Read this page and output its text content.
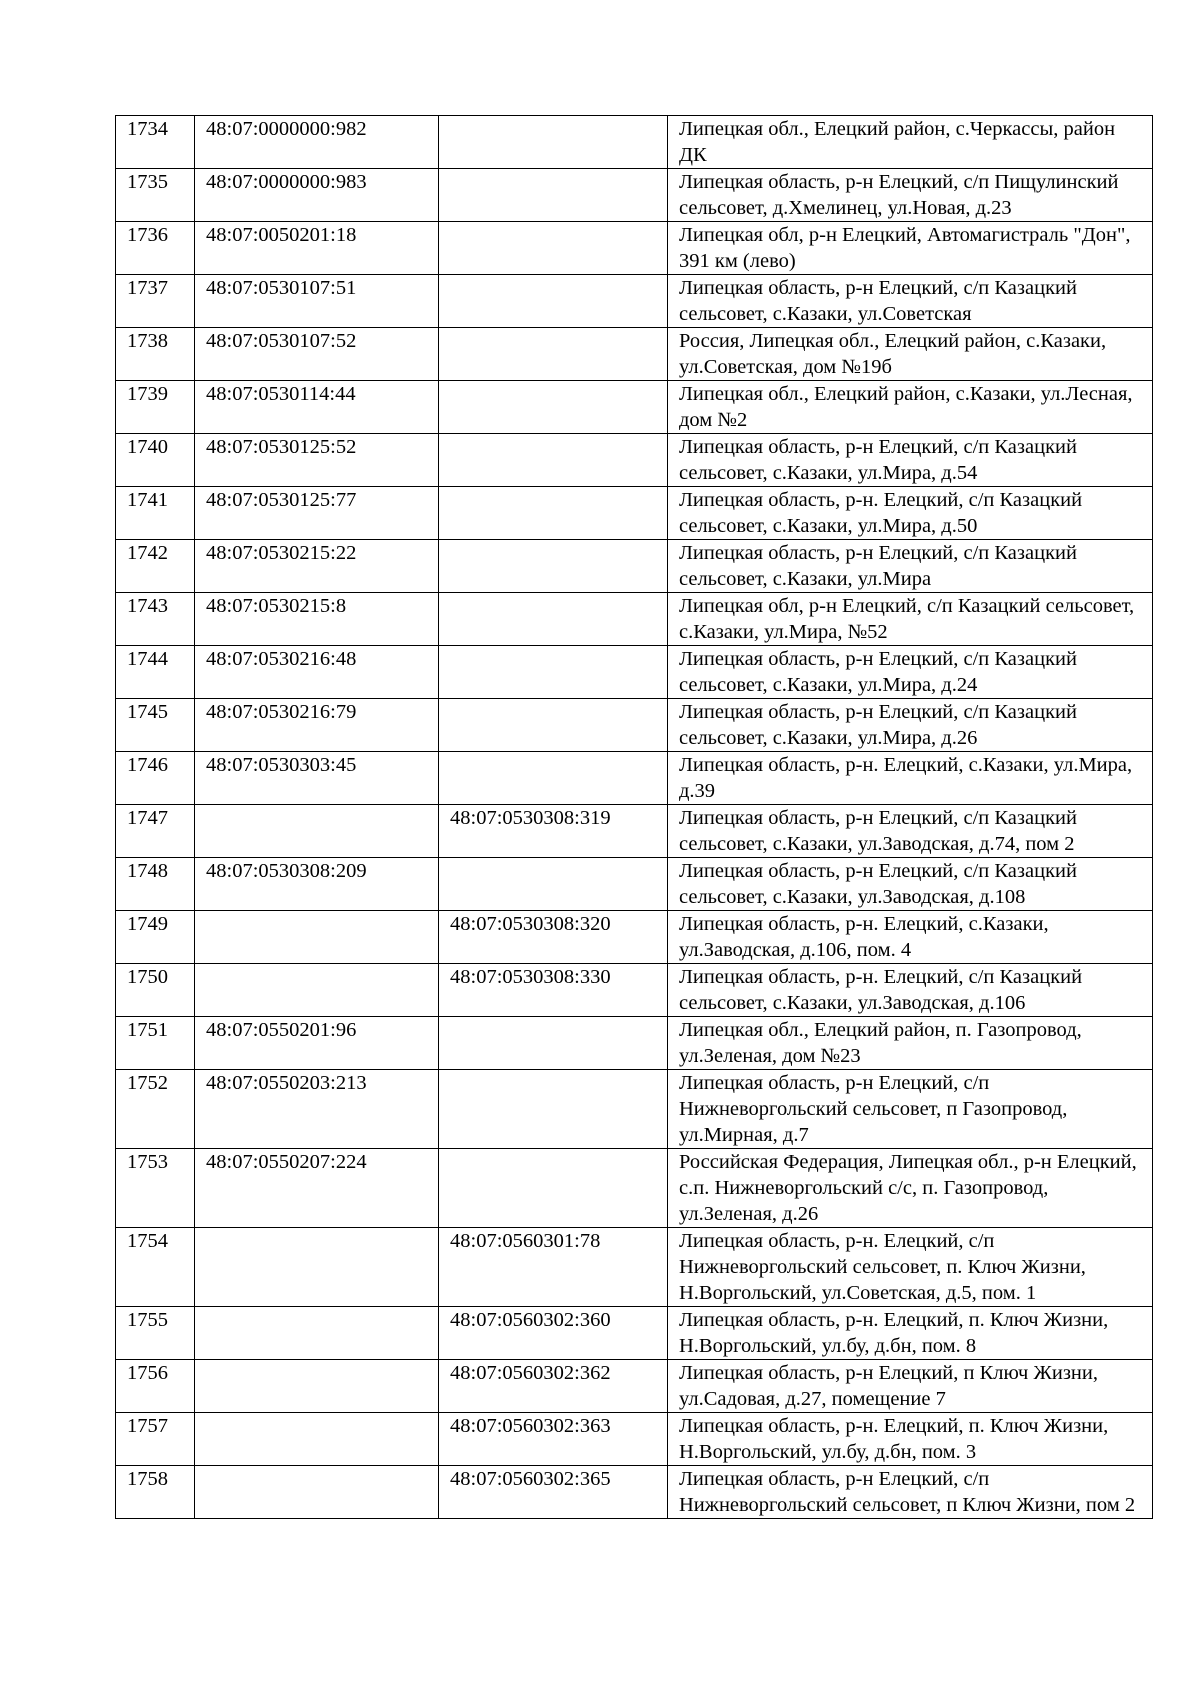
1734	48:07:0000000:982		Липецкая обл., Елецкий район, с.Черкассы, район ДК
1735	48:07:0000000:983		Липецкая область, р-н Елецкий, с/п Пищулинский сельсовет, д.Хмелинец, ул.Новая, д.23
1736	48:07:0050201:18		Липецкая обл, р-н Елецкий, Автомагистраль "Дон", 391 км (лево)
1737	48:07:0530107:51		Липецкая область, р-н Елецкий, с/п Казацкий сельсовет, с.Казаки, ул.Советская
1738	48:07:0530107:52		Россия, Липецкая обл., Елецкий район, с.Казаки, ул.Советская, дом №19б
1739	48:07:0530114:44		Липецкая обл., Елецкий район, с.Казаки, ул.Лесная, дом №2
1740	48:07:0530125:52		Липецкая область, р-н Елецкий, с/п Казацкий сельсовет, с.Казаки, ул.Мира, д.54
1741	48:07:0530125:77		Липецкая область, р-н. Елецкий, с/п Казацкий сельсовет, с.Казаки, ул.Мира, д.50
1742	48:07:0530215:22		Липецкая область, р-н Елецкий, с/п Казацкий сельсовет, с.Казаки, ул.Мира
1743	48:07:0530215:8		Липецкая обл, р-н Елецкий, с/п Казацкий сельсовет, с.Казаки, ул.Мира, №52
1744	48:07:0530216:48		Липецкая область, р-н Елецкий, с/п Казацкий сельсовет, с.Казаки, ул.Мира, д.24
1745	48:07:0530216:79		Липецкая область, р-н Елецкий, с/п Казацкий сельсовет, с.Казаки, ул.Мира, д.26
1746	48:07:0530303:45		Липецкая область, р-н. Елецкий, с.Казаки, ул.Мира, д.39
1747		48:07:0530308:319	Липецкая область, р-н Елецкий, с/п Казацкий сельсовет, с.Казаки, ул.Заводская, д.74, пом 2
1748	48:07:0530308:209		Липецкая область, р-н Елецкий, с/п Казацкий сельсовет, с.Казаки, ул.Заводская, д.108
1749		48:07:0530308:320	Липецкая область, р-н. Елецкий, с.Казаки, ул.Заводская, д.106, пом. 4
1750		48:07:0530308:330	Липецкая область, р-н. Елецкий, с/п Казацкий сельсовет, с.Казаки, ул.Заводская, д.106
1751	48:07:0550201:96		Липецкая обл., Елецкий район, п. Газопровод, ул.Зеленая, дом №23
1752	48:07:0550203:213		Липецкая область, р-н Елецкий, с/п Нижневоргольский сельсовет, п Газопровод, ул.Мирная, д.7
1753	48:07:0550207:224		Российская Федерация, Липецкая обл., р-н Елецкий, с.п. Нижневоргольский с/с, п. Газопровод, ул.Зеленая, д.26
1754		48:07:0560301:78	Липецкая область, р-н. Елецкий, с/п Нижневоргольский сельсовет, п. Ключ Жизни, Н.Воргольский, ул.Советская, д.5, пом. 1
1755		48:07:0560302:360	Липецкая область, р-н. Елецкий, п. Ключ Жизни, Н.Воргольский, ул.бу, д.бн, пом. 8
1756		48:07:0560302:362	Липецкая область, р-н Елецкий, п Ключ Жизни, ул.Садовая, д.27, помещение 7
1757		48:07:0560302:363	Липецкая область, р-н. Елецкий, п. Ключ Жизни, Н.Воргольский, ул.бу, д.бн, пом. 3
1758		48:07:0560302:365	Липецкая область, р-н Елецкий, с/п Нижневоргольский сельсовет, п Ключ Жизни, пом 2
